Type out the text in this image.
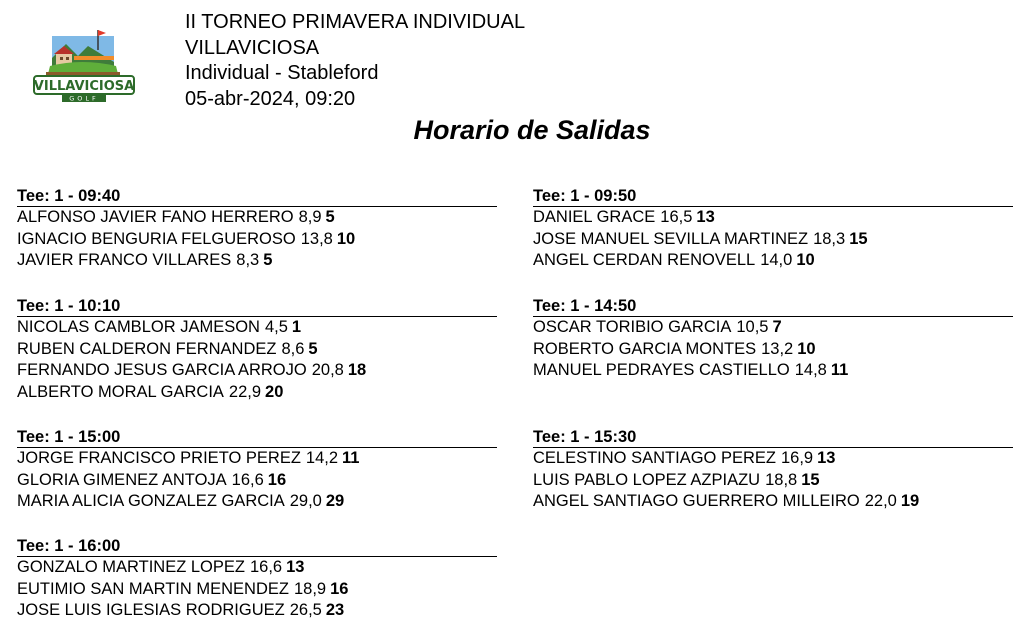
VILLAVICIOSA
GOLF
II TORNEO PRIMAVERA INDIVIDUAL
VILLAVICIOSA
Individual - Stableford
05-abr-2024, 09:20
Horario de Salidas
Tee: 1 - 09:40
ALFONSO JAVIER FANO HERRERO 8,9 5
IGNACIO BENGURIA FELGUEROSO 13,8 10
JAVIER FRANCO VILLARES 8,3 5
Tee: 1 - 09:50
DANIEL GRACE 16,5 13
JOSE MANUEL SEVILLA MARTINEZ 18,3 15
ANGEL CERDAN RENOVELL 14,0 10
Tee: 1 - 10:10
NICOLAS CAMBLOR JAMESON 4,5 1
RUBEN CALDERON FERNANDEZ 8,6 5
FERNANDO JESUS GARCIA ARROJO 20,8 18
ALBERTO MORAL GARCIA 22,9 20
Tee: 1 - 14:50
OSCAR TORIBIO GARCIA 10,5 7
ROBERTO GARCIA MONTES 13,2 10
MANUEL PEDRAYES CASTIELLO 14,8 11
Tee: 1 - 15:00
JORGE FRANCISCO PRIETO PEREZ 14,2 11
GLORIA GIMENEZ ANTOJA 16,6 16
MARIA ALICIA GONZALEZ GARCIA 29,0 29
Tee: 1 - 15:30
CELESTINO SANTIAGO PEREZ 16,9 13
LUIS PABLO LOPEZ AZPIAZU 18,8 15
ANGEL SANTIAGO GUERRERO MILLEIRO 22,0 19
Tee: 1 - 16:00
GONZALO MARTINEZ LOPEZ 16,6 13
EUTIMIO SAN MARTIN MENENDEZ 18,9 16
JOSE LUIS IGLESIAS RODRIGUEZ 26,5 23
